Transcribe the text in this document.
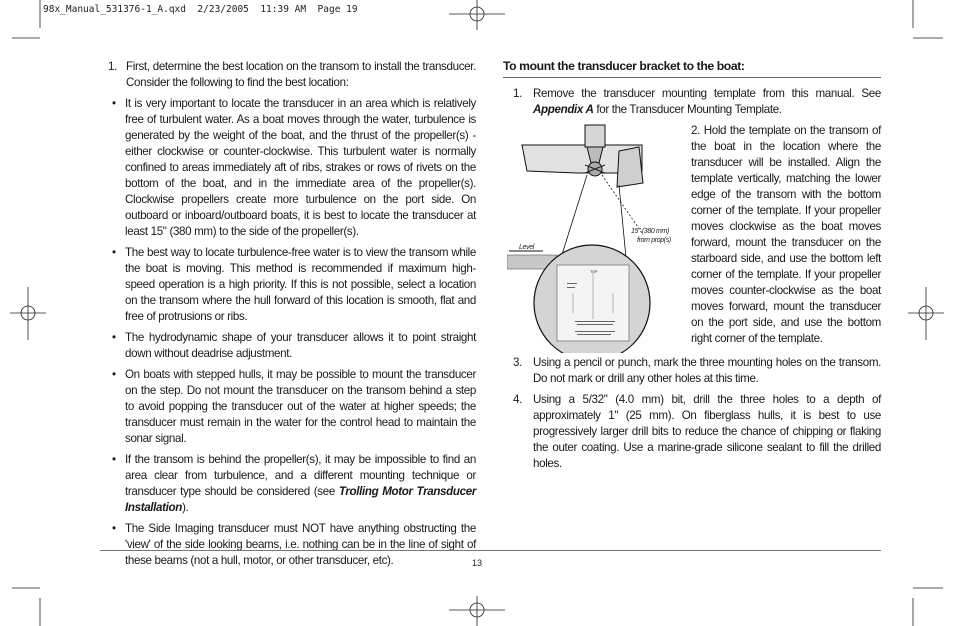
98x_Manual_531376-1_A.qxd  2/23/2005  11:39 AM  Page 19
1. First, determine the best location on the transom to install the transducer. Consider the following to find the best location:
• It is very important to locate the transducer in an area which is relatively free of turbulent water. As a boat moves through the water, turbulence is generated by the weight of the boat, and the thrust of the propeller(s) - either clockwise or counter-clockwise. This turbulent water is normally confined to areas immediately aft of ribs, strakes or rows of rivets on the bottom of the boat, and in the immediate area of the propeller(s). Clockwise propellers create more turbulence on the port side. On outboard or inboard/outboard boats, it is best to locate the transducer at least 15" (380 mm) to the side of the propeller(s).
• The best way to locate turbulence-free water is to view the transom while the boat is moving. This method is recommended if maximum high-speed operation is a high priority. If this is not possible, select a location on the transom where the hull forward of this location is smooth, flat and free of protrusions or ribs.
• The hydrodynamic shape of your transducer allows it to point straight down without deadrise adjustment.
• On boats with stepped hulls, it may be possible to mount the transducer on the step. Do not mount the transducer on the transom behind a step to avoid popping the transducer out of the water at higher speeds; the transducer must remain in the water for the control head to maintain the sonar signal.
• If the transom is behind the propeller(s), it may be impossible to find an area clear from turbulence, and a different mounting technique or transducer type should be considered (see Trolling Motor Transducer Installation).
• The Side Imaging transducer must NOT have anything obstructing the 'view' of the side looking beams, i.e. nothing can be in the line of sight of these beams (not a hull, motor, or other transducer, etc).
To mount the transducer bracket to the boat:
1. Remove the transducer mounting template from this manual. See Appendix A for the Transducer Mounting Template.
Level
15" (380 mm)
from prop(s)
TOP
2. Hold the template on the transom of the boat in the location where the transducer will be installed. Align the template vertically, matching the lower edge of the transom with the bottom corner of the template. If your propeller moves clockwise as the boat moves forward, mount the transducer on the starboard side, and use the bottom left corner of the template. If your propeller moves counter-clockwise as the boat moves forward, mount the transducer on the port side, and use the bottom right corner of the template.
3. Using a pencil or punch, mark the three mounting holes on the transom. Do not mark or drill any other holes at this time.
4. Using a 5/32" (4.0 mm) bit, drill the three holes to a depth of approximately 1" (25 mm). On fiberglass hulls, it is best to use progressively larger drill bits to reduce the chance of chipping or flaking the outer coating. Use a marine-grade silicone sealant to fill the drilled holes.
13
